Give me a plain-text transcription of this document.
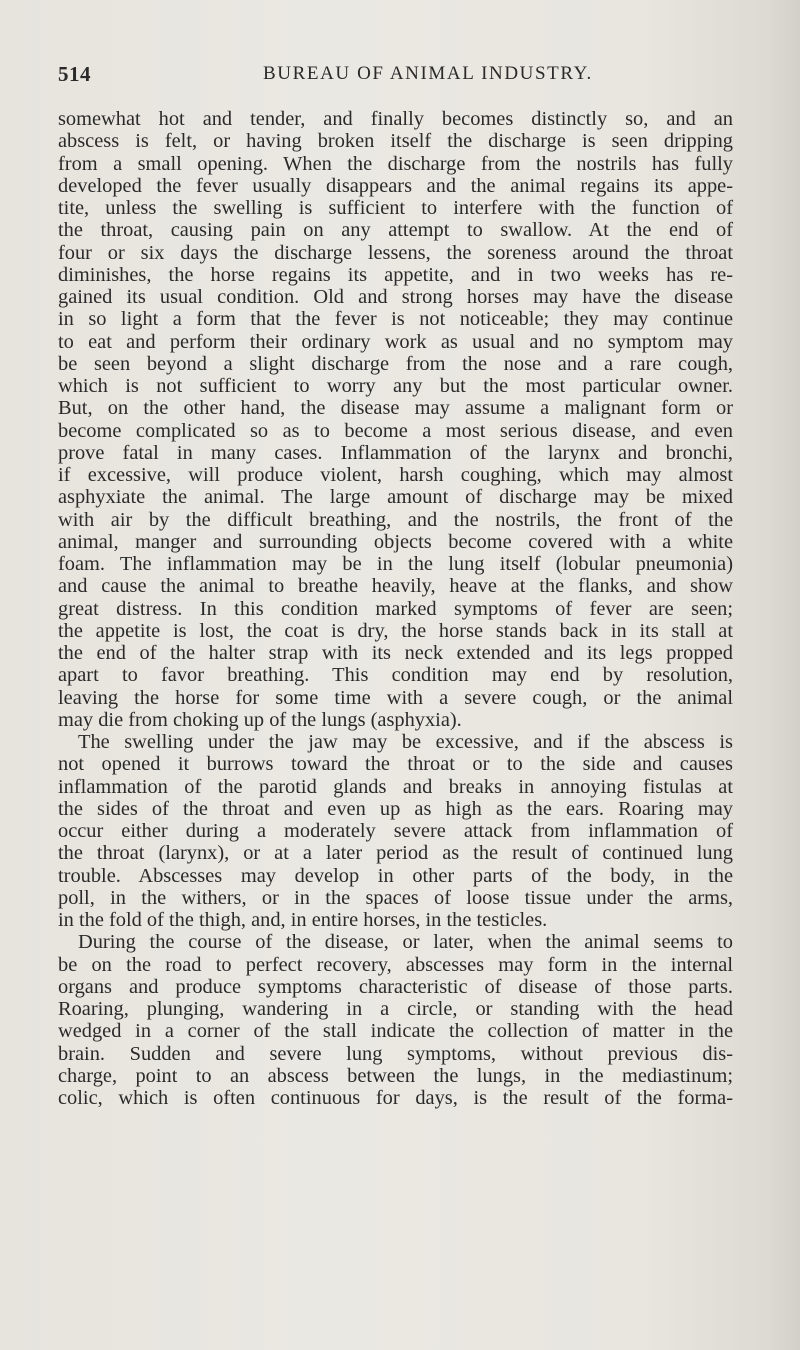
514	BUREAU OF ANIMAL INDUSTRY.
somewhat hot and tender, and finally becomes distinctly so, and an
abscess is felt, or having broken itself the discharge is seen dripping
from a small opening. When the discharge from the nostrils has fully
developed the fever usually disappears and the animal regains its appe-
tite, unless the swelling is sufficient to interfere with the function of
the throat, causing pain on any attempt to swallow. At the end of
four or six days the discharge lessens, the soreness around the throat
diminishes, the horse regains its appetite, and in two weeks has re-
gained its usual condition. Old and strong horses may have the disease
in so light a form that the fever is not noticeable; they may continue
to eat and perform their ordinary work as usual and no symptom may
be seen beyond a slight discharge from the nose and a rare cough,
which is not sufficient to worry any but the most particular owner.
But, on the other hand, the disease may assume a malignant form or
become complicated so as to become a most serious disease, and even
prove fatal in many cases. Inflammation of the larynx and bronchi,
if excessive, will produce violent, harsh coughing, which may almost
asphyxiate the animal. The large amount of discharge may be mixed
with air by the difficult breathing, and the nostrils, the front of the
animal, manger and surrounding objects become covered with a white
foam. The inflammation may be in the lung itself (lobular pneumonia)
and cause the animal to breathe heavily, heave at the flanks, and show
great distress. In this condition marked symptoms of fever are seen;
the appetite is lost, the coat is dry, the horse stands back in its stall at
the end of the halter strap with its neck extended and its legs propped
apart to favor breathing. This condition may end by resolution,
leaving the horse for some time with a severe cough, or the animal
may die from choking up of the lungs (asphyxia).
The swelling under the jaw may be excessive, and if the abscess is
not opened it burrows toward the throat or to the side and causes
inflammation of the parotid glands and breaks in annoying fistulas at
the sides of the throat and even up as high as the ears. Roaring may
occur either during a moderately severe attack from inflammation of
the throat (larynx), or at a later period as the result of continued lung
trouble. Abscesses may develop in other parts of the body, in the
poll, in the withers, or in the spaces of loose tissue under the arms,
in the fold of the thigh, and, in entire horses, in the testicles.
During the course of the disease, or later, when the animal seems to
be on the road to perfect recovery, abscesses may form in the internal
organs and produce symptoms characteristic of disease of those parts.
Roaring, plunging, wandering in a circle, or standing with the head
wedged in a corner of the stall indicate the collection of matter in the
brain. Sudden and severe lung symptoms, without previous dis-
charge, point to an abscess between the lungs, in the mediastinum;
colic, which is often continuous for days, is the result of the forma-
